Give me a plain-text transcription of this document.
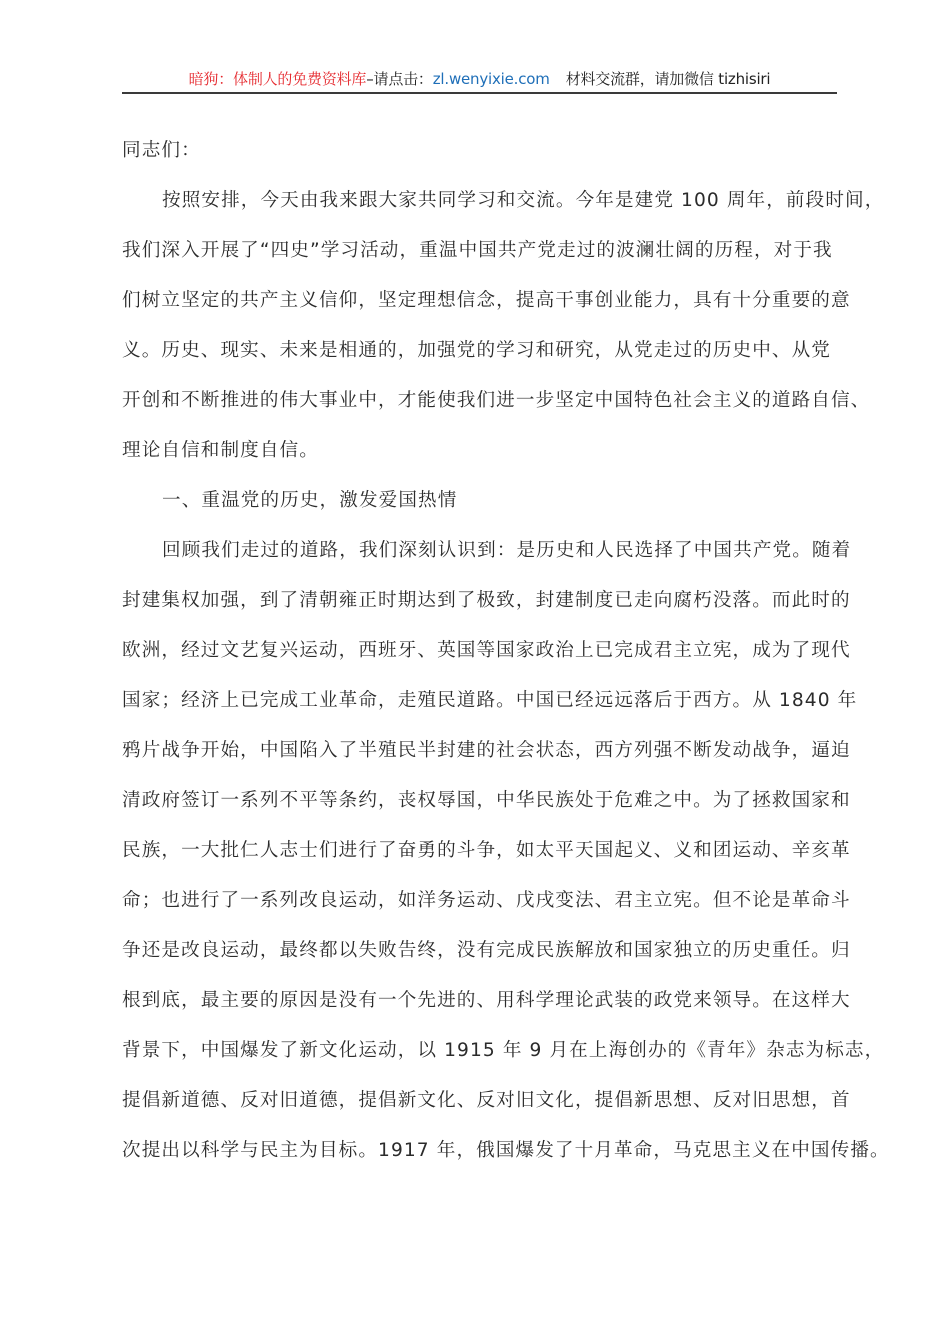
暗狗：体制人的免费资料库–请点击：zl.wenyixie.com 材料交流群，请加微信 tizhisiri

同志们：

按照安排，今天由我来跟大家共同学习和交流。今年是建党 100 周年，前段时间，
我们深入开展了“四史”学习活动，重温中国共产党走过的波澜壮阔的历程，对于我
们树立坚定的共产主义信仰，坚定理想信念，提高干事创业能力，具有十分重要的意
义。历史、现实、未来是相通的，加强党的学习和研究，从党走过的历史中、从党
开创和不断推进的伟大事业中，才能使我们进一步坚定中国特色社会主义的道路自信、
理论自信和制度自信。

一、重温党的历史，激发爱国热情

回顾我们走过的道路，我们深刻认识到：是历史和人民选择了中国共产党。随着
封建集权加强，到了清朝雍正时期达到了极致，封建制度已走向腐朽没落。而此时的
欧洲，经过文艺复兴运动，西班牙、英国等国家政治上已完成君主立宪，成为了现代
国家；经济上已完成工业革命，走殖民道路。中国已经远远落后于西方。从 1840 年
鸦片战争开始，中国陷入了半殖民半封建的社会状态，西方列强不断发动战争，逼迫
清政府签订一系列不平等条约，丧权辱国，中华民族处于危难之中。为了拯救国家和
民族，一大批仁人志士们进行了奋勇的斗争，如太平天国起义、义和团运动、辛亥革
命；也进行了一系列改良运动，如洋务运动、戊戌变法、君主立宪。但不论是革命斗
争还是改良运动，最终都以失败告终，没有完成民族解放和国家独立的历史重任。归
根到底，最主要的原因是没有一个先进的、用科学理论武装的政党来领导。在这样大
背景下，中国爆发了新文化运动，以 1915 年 9 月在上海创办的《青年》杂志为标志，
提倡新道德、反对旧道德，提倡新文化、反对旧文化，提倡新思想、反对旧思想，首
次提出以科学与民主为目标。1917 年，俄国爆发了十月革命，马克思主义在中国传播。
